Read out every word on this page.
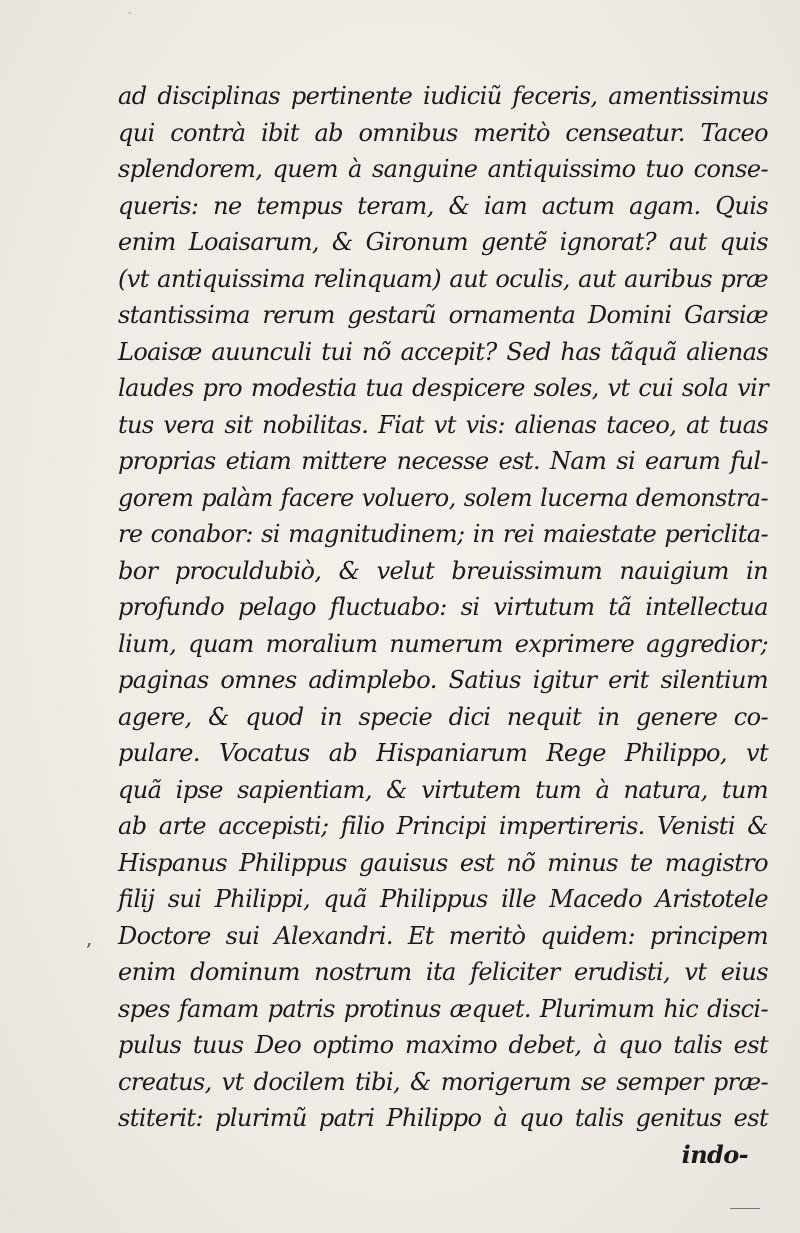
-
ad disciplinas pertinente iudiciũ feceris, amentissimus
qui contrà ibit ab omnibus meritò censeatur. Taceo
splendorem, quem à sanguine antiquissimo tuo conse-
queris: ne tempus teram, & iam actum agam. Quis
enim Loaisarum, & Gironum gentẽ ignorat? aut quis
(vt antiquissima relinquam) aut oculis, aut auribus præ
stantissima rerum gestarũ ornamenta Domini Garsiæ
Loaisæ auunculi tui nõ accepit? Sed has tãquã alienas
laudes pro modestia tua despicere soles, vt cui sola vir
tus vera sit nobilitas. Fiat vt vis: alienas taceo, at tuas
proprias etiam mittere necesse est. Nam si earum ful-
gorem palàm facere voluero, solem lucerna demonstra-
re conabor: si magnitudinem; in rei maiestate periclita-
bor proculdubiò, & velut breuissimum nauigium in
profundo pelago fluctuabo: si virtutum tã intellectua
lium, quam moralium numerum exprimere aggredior;
paginas omnes adimplebo. Satius igitur erit silentium
agere, & quod in specie dici nequit in genere co-
pulare. Vocatus ab Hispaniarum Rege Philippo, vt
quã ipse sapientiam, & virtutem tum à natura, tum
ab arte accepisti; filio Principi impertireris. Venisti &
Hispanus Philippus gauisus est nõ minus te magistro
filij sui Philippi, quã Philippus ille Macedo Aristotele
Doctore sui Alexandri. Et meritò quidem: principem
enim dominum nostrum ita feliciter erudisti, vt eius
spes famam patris protinus æquet. Plurimum hic disci-
pulus tuus Deo optimo maximo debet, à quo talis est
creatus, vt docilem tibi, & morigerum se semper præ-
stiterit: plurimũ patri Philippo à quo talis genitus est
indo-
,
